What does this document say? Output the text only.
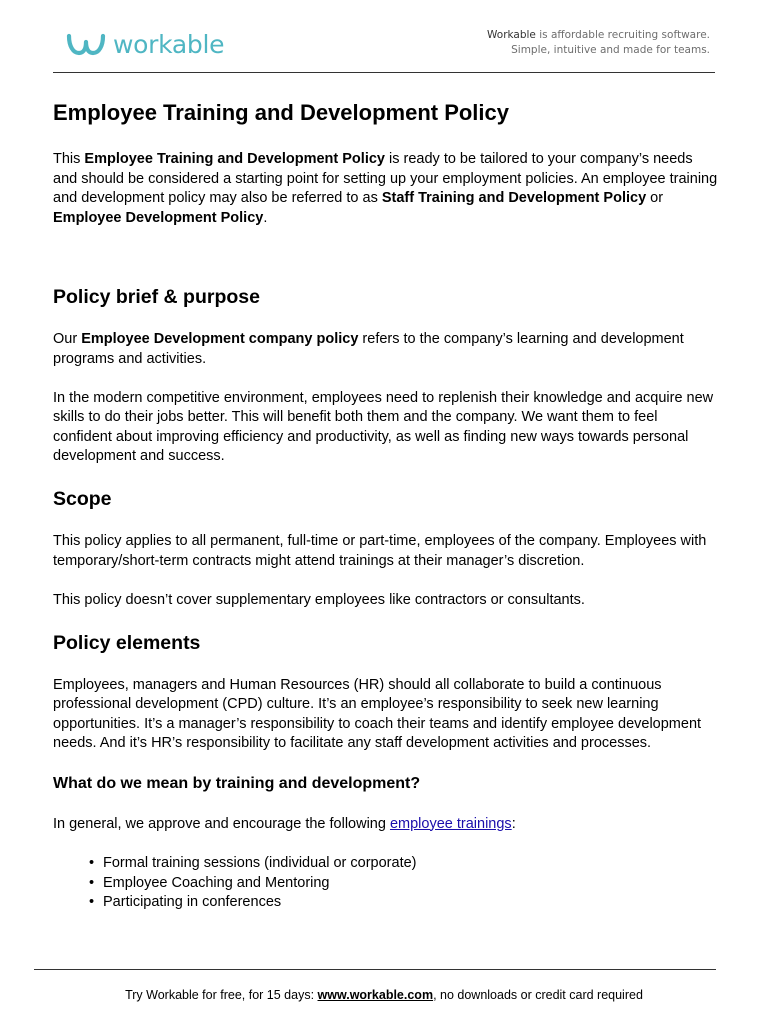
workable	Workable is affordable recruiting software.
Simple, intuitive and made for teams.
Employee Training and Development Policy

This Employee Training and Development Policy is ready to be tailored to your company’s needs and should be considered a starting point for setting up your employment policies. An employee training and development policy may also be referred to as Staff Training and Development Policy or Employee Development Policy.

Policy brief & purpose

Our Employee Development company policy refers to the company’s learning and development programs and activities.

In the modern competitive environment, employees need to replenish their knowledge and acquire new skills to do their jobs better. This will benefit both them and the company. We want them to feel confident about improving efficiency and productivity, as well as finding new ways towards personal development and success.

Scope

This policy applies to all permanent, full-time or part-time, employees of the company. Employees with temporary/short-term contracts might attend trainings at their manager’s discretion.

This policy doesn’t cover supplementary employees like contractors or consultants.

Policy elements

Employees, managers and Human Resources (HR) should all collaborate to build a continuous professional development (CPD) culture. It’s an employee’s responsibility to seek new learning opportunities. It’s a manager’s responsibility to coach their teams and identify employee development needs. And it’s HR’s responsibility to facilitate any staff development activities and processes.

What do we mean by training and development?

In general, we approve and encourage the following employee trainings:

• Formal training sessions (individual or corporate)
• Employee Coaching and Mentoring
• Participating in conferences
Try Workable for free, for 15 days: www.workable.com, no downloads or credit card required
